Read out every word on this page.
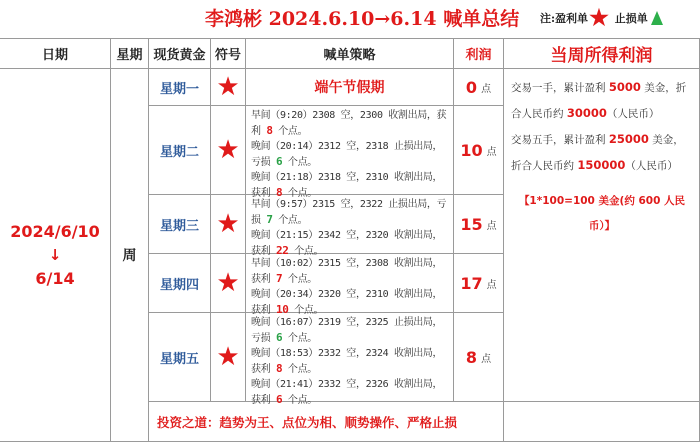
李鸿彬 2024.6.10→6.14 喊单总结 注: 盈利单 ★ 止损单
日期	星期 现货黄金 符号	喊单策略	利润	当周所得利润
2024/6/10
↓
6/14
周
星期一 ★	端午节假期	0 点
星期二 ★
早间（9:20）2308 空，2300 收割出局，获利 8 个点。
晚间（20:14）2312 空，2318 止损出局，亏损 6 个点。
晚间（21:18）2318 空，2310 收割出局，获利 8 个点。
10 点
星期三 ★
早间（9:57）2315 空，2322 止损出局，亏损 7 个点。
晚间（21:15）2342 空，2320 收割出局，获利 22 个点。
15 点
星期四 ★
早间（10:02）2315 空，2308 收割出局，获利 7 个点。
晚间（20:34）2320 空，2310 收割出局，获利 10 个点。
17 点
星期五 ★
晚间（16:07）2319 空，2325 止损出局，亏损 6 个点。
晚间（18:53）2332 空，2324 收割出局，获利 8 个点。
晚间（21:41）2332 空，2326 收割出局，获利 6 个点。
8 点
交易一手，累计盈利 5000 美金，折合人民币约 30000（人民币）
交易五手，累计盈利 25000 美金，折合人民币约 150000（人民币）
【1*100=100 美金(约 600 人民币）】
投资之道：趋势为王、点位为相、顺势操作、严格止损
